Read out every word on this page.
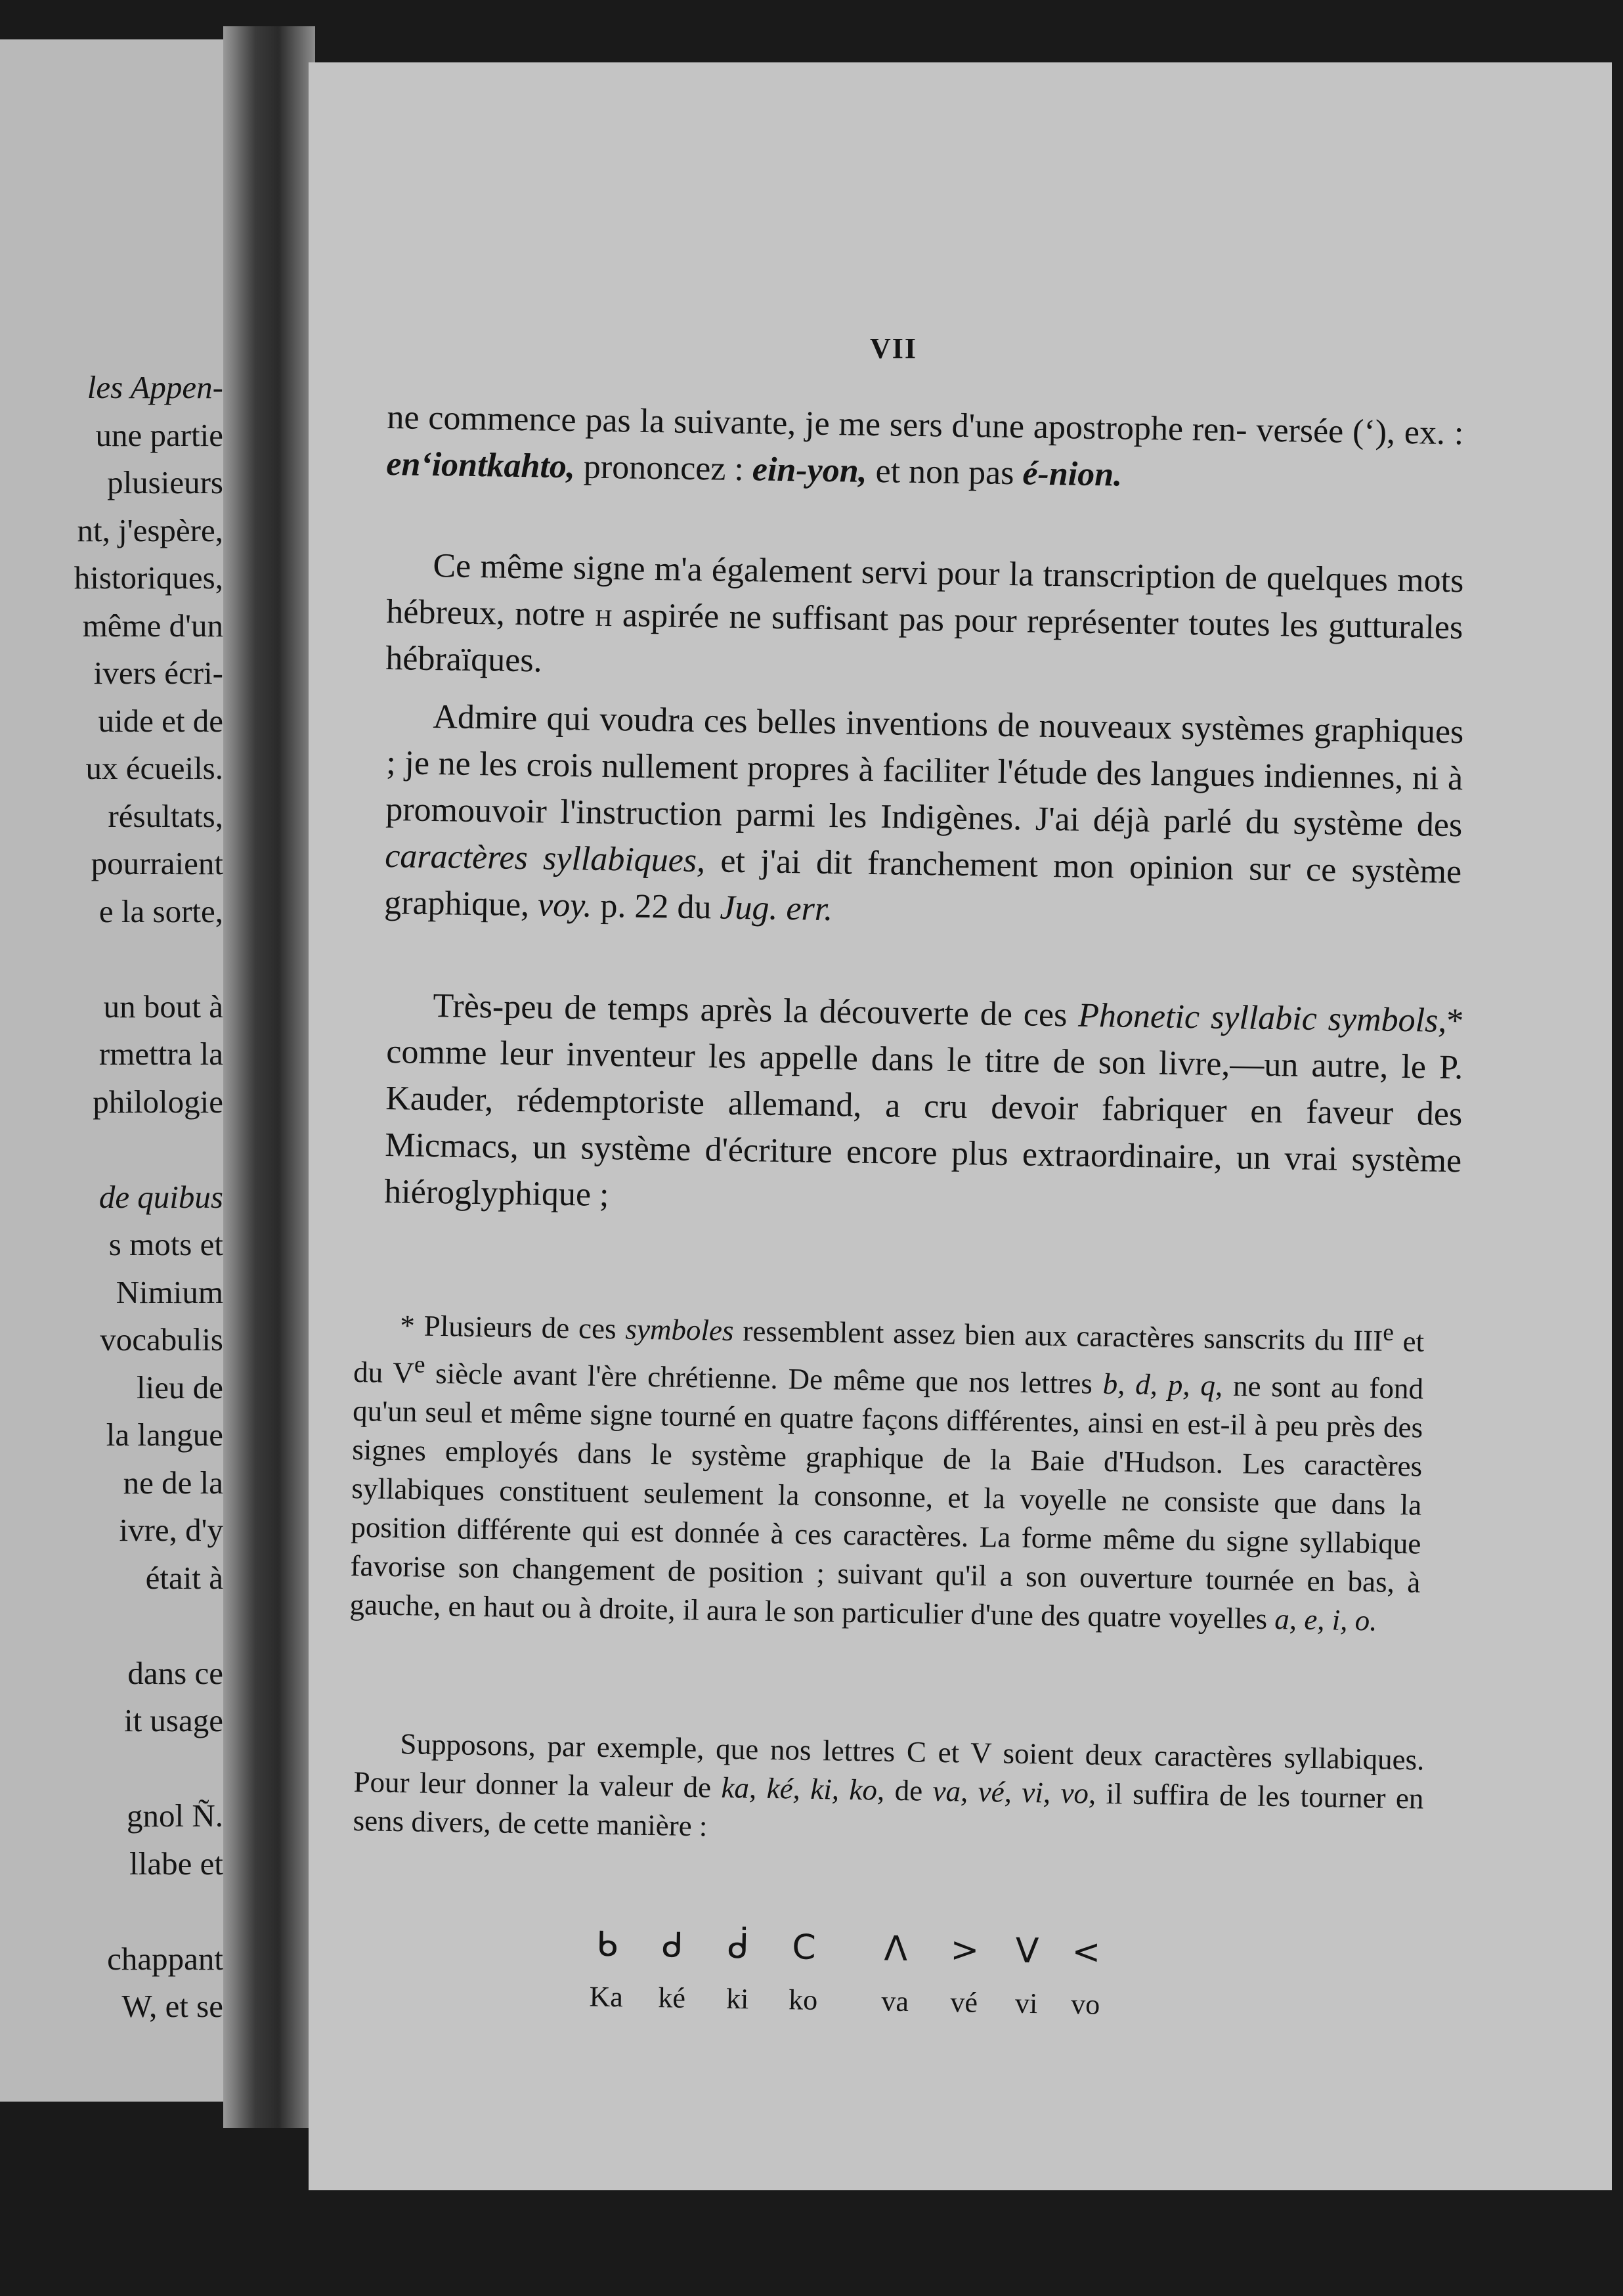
les Appen-
une partie
plusieurs
nt, j'espère,
historiques,
même d'un
ivers écri-
uide et de
ux écueils.
résultats,
pourraient
e la sorte,
un bout à
rmettra la
philologie
de quibus
s mots et
Nimium
vocabulis
lieu de
la langue
ne de la
ivre, d'y
était à
dans ce
it usage
gnol Ñ.
llabe et
chappant
W, et se
VII

ne commence pas la suivante, je me sers d'une apostrophe ren- versée (‘), ex. : en‘iontkahto, prononcez : ein-yon, et non pas é-nion.

Ce même signe m'a également servi pour la transcription de quelques mots hébreux, notre h aspirée ne suffisant pas pour représenter toutes les gutturales hébraïques.

Admire qui voudra ces belles inventions de nouveaux systèmes graphiques ; je ne les crois nullement propres à faciliter l'étude des langues indiennes, ni à promouvoir l'instruction parmi les Indigènes. J'ai déjà parlé du système des caractères syllabiques, et j'ai dit franchement mon opinion sur ce système graphique, voy. p. 22 du Jug. err.

Très-peu de temps après la découverte de ces Phonetic syllabic symbols,* comme leur inventeur les appelle dans le titre de son livre,—un autre, le P. Kauder, rédemptoriste allemand, a cru devoir fabriquer en faveur des Micmacs, un système d'écriture encore plus extraordinaire, un vrai système hiéroglyphique ;

* Plusieurs de ces symboles ressemblent assez bien aux caractères sanscrits du IIIe et du Ve siècle avant l'ère chrétienne. De même que nos lettres b, d, p, q, ne sont au fond qu'un seul et même signe tourné en quatre façons différentes, ainsi en est-il à peu près des signes employés dans le système graphique de la Baie d'Hudson. Les caractères syllabiques constituent seulement la consonne, et la voyelle ne consiste que dans la position différente qui est donnée à ces caractères. La forme même du signe syllabique favorise son changement de position ; suivant qu'il a son ouverture tournée en bas, à gauche, en haut ou à droite, il aura le son particulier d'une des quatre voyelles a, e, i, o.

Supposons, par exemple, que nos lettres C et V soient deux caractères syllabiques. Pour leur donner la valeur de ka, ké, ki, ko, de va, vé, vi, vo, il suffira de les tourner en sens divers, de cette manière :

ᑲ
Ka
ᑯ
ké
ᑰ
ki
C
ko
Λ
va
>
vé
V
vi
<
vo
